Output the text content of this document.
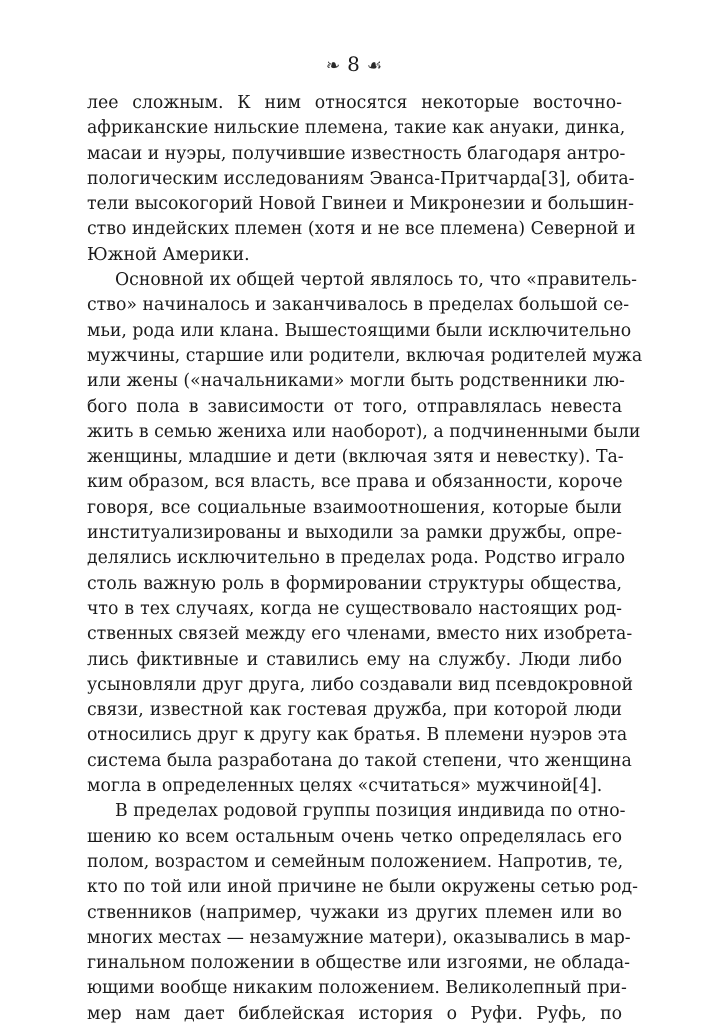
❧ 8 ☙
лее сложным. К ним относятся некоторые восточно-
африканские нильские племена, такие как ануаки, динка,
масаи и нуэры, получившие известность благодаря антро-
пологическим исследованиям Эванса-Притчарда[3], обита-
тели высокогорий Новой Гвинеи и Микронезии и большин-
ство индейских племен (хотя и не все племена) Северной и
Южной Америки.
Основной их общей чертой являлось то, что «правитель-
ство» начиналось и заканчивалось в пределах большой се-
мьи, рода или клана. Вышестоящими были исключительно
мужчины, старшие или родители, включая родителей мужа
или жены («начальниками» могли быть родственники лю-
бого пола в зависимости от того, отправлялась невеста
жить в семью жениха или наоборот), а подчиненными были
женщины, младшие и дети (включая зятя и невестку). Та-
ким образом, вся власть, все права и обязанности, короче
говоря, все социальные взаимоотношения, которые были
институализированы и выходили за рамки дружбы, опре-
делялись исключительно в пределах рода. Родство играло
столь важную роль в формировании структуры общества,
что в тех случаях, когда не существовало настоящих род-
ственных связей между его членами, вместо них изобрета-
лись фиктивные и ставились ему на службу. Люди либо
усыновляли друг друга, либо создавали вид псевдокровной
связи, известной как гостевая дружба, при которой люди
относились друг к другу как братья. В племени нуэров эта
система была разработана до такой степени, что женщина
могла в определенных целях «считаться» мужчиной[4].
В пределах родовой группы позиция индивида по отно-
шению ко всем остальным очень четко определялась его
полом, возрастом и семейным положением. Напротив, те,
кто по той или иной причине не были окружены сетью род-
ственников (например, чужаки из других племен или во
многих местах — незамужние матери), оказывались в мар-
гинальном положении в обществе или изгоями, не облада-
ющими вообще никаким положением. Великолепный при-
мер нам дает библейская история о Руфи. Руфь, по
